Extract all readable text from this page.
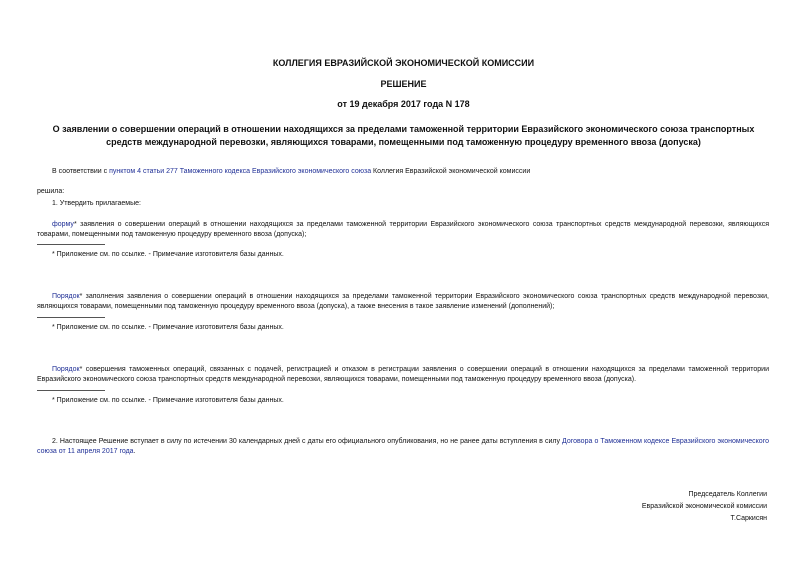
КОЛЛЕГИЯ ЕВРАЗИЙСКОЙ ЭКОНОМИЧЕСКОЙ КОМИССИИ
РЕШЕНИЕ
от 19 декабря 2017 года N 178
О заявлении о совершении операций в отношении находящихся за пределами таможенной территории Евразийского экономического союза транспортных средств международной перевозки, являющихся товарами, помещенными под таможенную процедуру временного ввоза (допуска)
В соответствии с пунктом 4 статьи 277 Таможенного кодекса Евразийского экономического союза Коллегия Евразийской экономической комиссии
решила:
1. Утвердить прилагаемые:
форму* заявления о совершении операций в отношении находящихся за пределами таможенной территории Евразийского экономического союза транспортных средств международной перевозки, являющихся товарами, помещенными под таможенную процедуру временного ввоза (допуска);
* Приложение см. по ссылке. - Примечание изготовителя базы данных.
Порядок* заполнения заявления о совершении операций в отношении находящихся за пределами таможенной территории Евразийского экономического союза транспортных средств международной перевозки, являющихся товарами, помещенными под таможенную процедуру временного ввоза (допуска), а также внесения в такое заявление изменений (дополнений);
* Приложение см. по ссылке. - Примечание изготовителя базы данных.
Порядок* совершения таможенных операций, связанных с подачей, регистрацией и отказом в регистрации заявления о совершении операций в отношении находящихся за пределами таможенной территории Евразийского экономического союза транспортных средств международной перевозки, являющихся товарами, помещенными под таможенную процедуру временного ввоза (допуска).
* Приложение см. по ссылке. - Примечание изготовителя базы данных.
2. Настоящее Решение вступает в силу по истечении 30 календарных дней с даты его официального опубликования, но не ранее даты вступления в силу Договора о Таможенном кодексе Евразийского экономического союза от 11 апреля 2017 года.
Председатель Коллегии
Евразийской экономической комиссии
Т.Саркисян
